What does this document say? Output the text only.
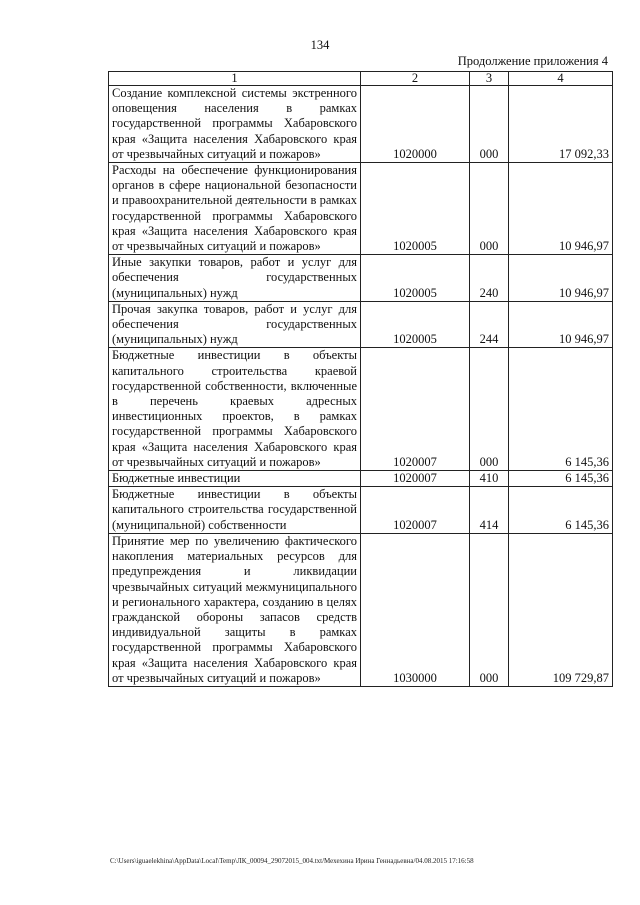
134
Продолжение приложения 4
1	2	3	4
Создание комплексной системы экстренного оповещения населения в рамках государственной программы Хабаровского края «Защита населения Хабаровского края от чрезвычайных ситуаций и пожаров»	1020000	000	17 092,33
Расходы на обеспечение функционирования органов в сфере национальной безопасности и правоохранительной деятельности в рамках государственной программы Хабаровского края «Защита населения Хабаровского края от чрезвычайных ситуаций и пожаров»	1020005	000	10 946,97
Иные закупки товаров, работ и услуг для обеспечения государственных (муниципальных) нужд	1020005	240	10 946,97
Прочая закупка товаров, работ и услуг для обеспечения государственных (муниципальных) нужд	1020005	244	10 946,97
Бюджетные инвестиции в объекты капитального строительства краевой государственной собственности, включенные в перечень краевых адресных инвестиционных проектов, в рамках государственной программы Хабаровского края «Защита населения Хабаровского края от чрезвычайных ситуаций и пожаров»	1020007	000	6 145,36
Бюджетные инвестиции	1020007	410	6 145,36
Бюджетные инвестиции в объекты капитального строительства государственной (муниципальной) собственности	1020007	414	6 145,36
Принятие мер по увеличению фактического накопления материальных ресурсов для предупреждения и ликвидации чрезвычайных ситуаций межмуниципального и регионального характера, созданию в целях гражданской обороны запасов средств индивидуальной защиты в рамках государственной программы Хабаровского края «Защита населения Хабаровского края от чрезвычайных ситуаций и пожаров»	1030000	000	109 729,87
C:\Users\iguaelekhina\AppData\Local\Temp\ЛК_00094_29072015_004.txt/Мехехина Ирина Геннадьевна/04.08.2015 17:16:58
